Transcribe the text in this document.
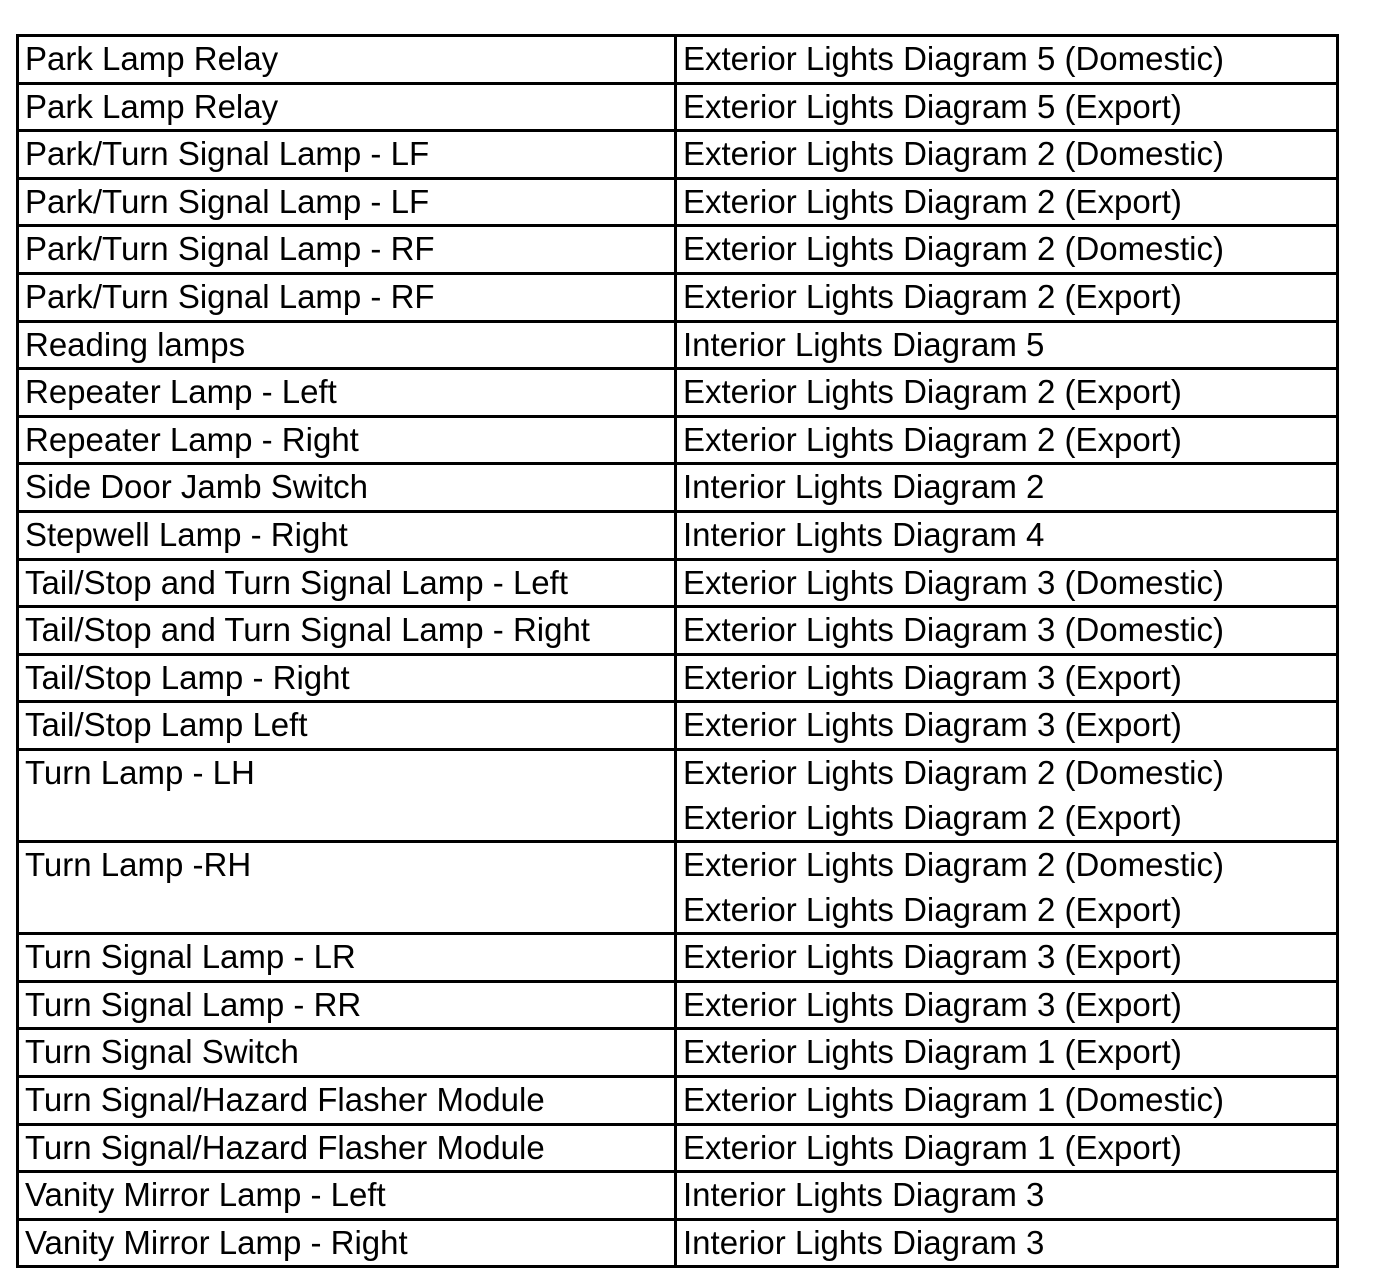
Park Lamp Relay	Exterior Lights Diagram 5 (Domestic)

Park Lamp Relay	Exterior Lights Diagram 5 (Export)

Park/Turn Signal Lamp - LF	Exterior Lights Diagram 2 (Domestic)

Park/Turn Signal Lamp - LF	Exterior Lights Diagram 2 (Export)

Park/Turn Signal Lamp - RF	Exterior Lights Diagram 2 (Domestic)

Park/Turn Signal Lamp - RF	Exterior Lights Diagram 2 (Export)

Reading lamps	Interior Lights Diagram 5

Repeater Lamp - Left	Exterior Lights Diagram 2 (Export)

Repeater Lamp - Right	Exterior Lights Diagram 2 (Export)

Side Door Jamb Switch	Interior Lights Diagram 2

Stepwell Lamp - Right	Interior Lights Diagram 4

Tail/Stop and Turn Signal Lamp - Left	Exterior Lights Diagram 3 (Domestic)

Tail/Stop and Turn Signal Lamp - Right	Exterior Lights Diagram 3 (Domestic)

Tail/Stop Lamp - Right	Exterior Lights Diagram 3 (Export)

Tail/Stop Lamp Left	Exterior Lights Diagram 3 (Export)

Turn Lamp - LH	Exterior Lights Diagram 2 (Domestic)
Exterior Lights Diagram 2 (Export)

Turn Lamp -RH	Exterior Lights Diagram 2 (Domestic)
Exterior Lights Diagram 2 (Export)

Turn Signal Lamp - LR	Exterior Lights Diagram 3 (Export)

Turn Signal Lamp - RR	Exterior Lights Diagram 3 (Export)

Turn Signal Switch	Exterior Lights Diagram 1 (Export)

Turn Signal/Hazard Flasher Module	Exterior Lights Diagram 1 (Domestic)

Turn Signal/Hazard Flasher Module	Exterior Lights Diagram 1 (Export)

Vanity Mirror Lamp - Left	Interior Lights Diagram 3

Vanity Mirror Lamp - Right	Interior Lights Diagram 3
